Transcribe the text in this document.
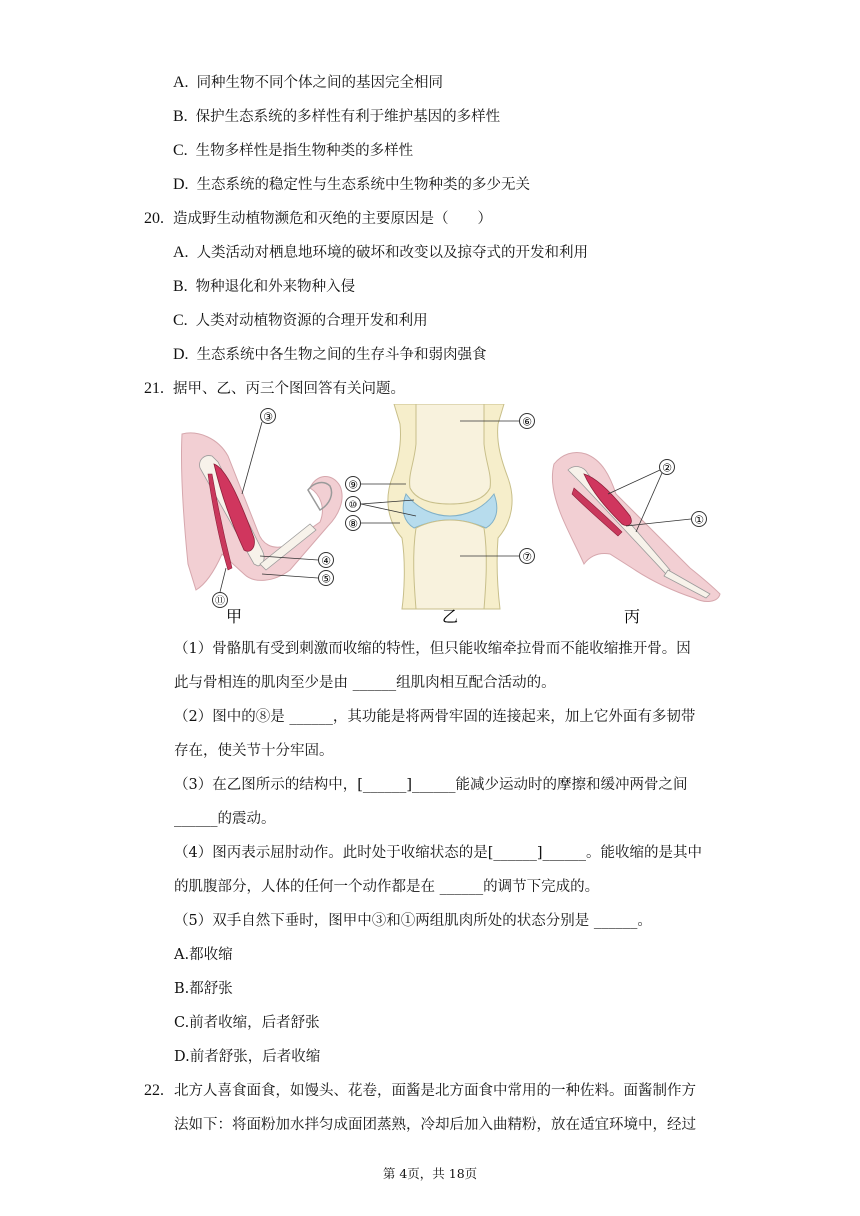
A. 同种生物不同个体之间的基因完全相同
B. 保护生态系统的多样性有利于维护基因的多样性
C. 生物多样性是指生物种类的多样性
D. 生态系统的稳定性与生态系统中生物种类的多少无关
20. 造成野生动植物濒危和灭绝的主要原因是（　　）
A. 人类活动对栖息地环境的破坏和改变以及掠夺式的开发和利用
B. 物种退化和外来物种入侵
C. 人类对动植物资源的合理开发和利用
D. 生态系统中各生物之间的生存斗争和弱肉强食
21. 据甲、乙、丙三个图回答有关问题。
③
④
⑤
⑪
甲
⑥
⑨
⑩
⑧
⑦
乙
②
①
丙
（1）骨骼肌有受到刺激而收缩的特性，但只能收缩牵拉骨而不能收缩推开骨。因
此与骨相连的肌肉至少是由 ______组肌肉相互配合活动的。
（2）图中的⑧是 ______，其功能是将两骨牢固的连接起来，加上它外面有多韧带
存在，使关节十分牢固。
（3）在乙图所示的结构中，[______]______能减少运动时的摩擦和缓冲两骨之间
______的震动。
（4）图丙表示屈肘动作。此时处于收缩状态的是[______]______。能收缩的是其中
的肌腹部分，人体的任何一个动作都是在 ______的调节下完成的。
（5）双手自然下垂时，图甲中③和①两组肌肉所处的状态分别是 ______。
A.都收缩
B.都舒张
C.前者收缩，后者舒张
D.前者舒张，后者收缩
22. 北方人喜食面食，如馒头、花卷，面酱是北方面食中常用的一种佐料。面酱制作方
法如下：将面粉加水拌匀成面团蒸熟，冷却后加入曲精粉，放在适宜环境中，经过
第 4页，共 18页
